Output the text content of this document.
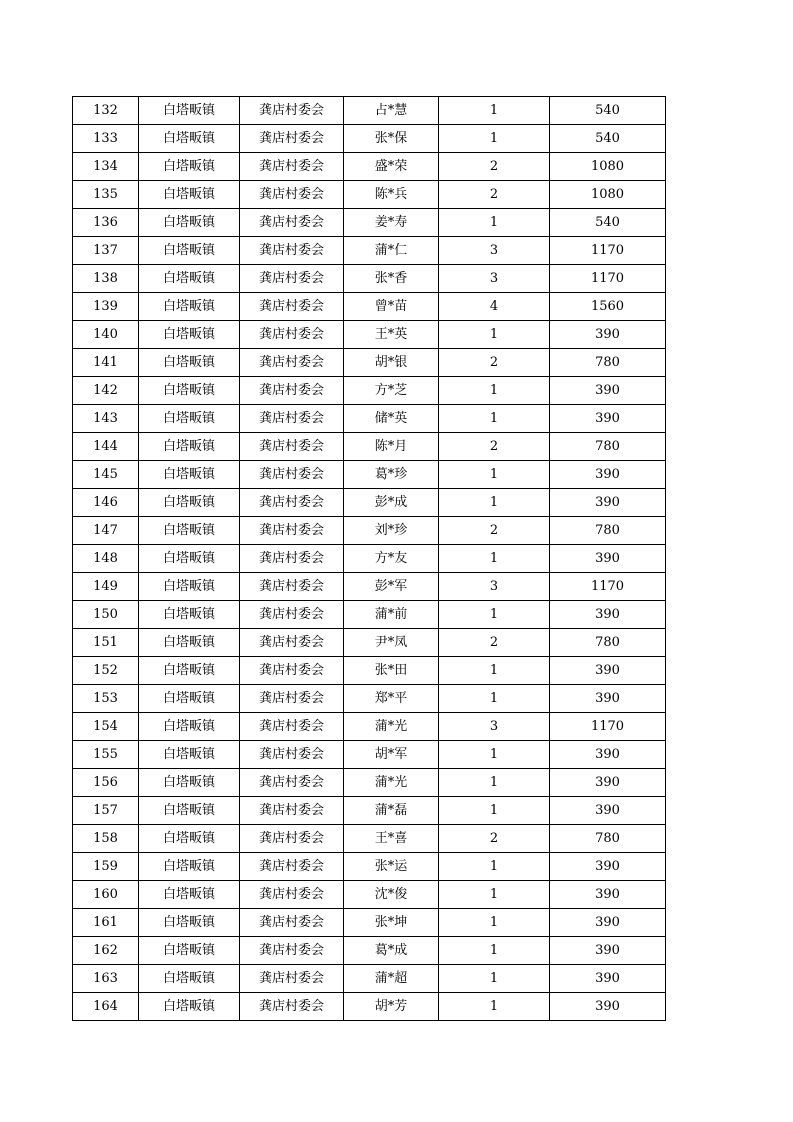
132	白塔畈镇	龚店村委会	占*慧	1	540
133	白塔畈镇	龚店村委会	张*保	1	540
134	白塔畈镇	龚店村委会	盛*荣	2	1080
135	白塔畈镇	龚店村委会	陈*兵	2	1080
136	白塔畈镇	龚店村委会	姜*寿	1	540
137	白塔畈镇	龚店村委会	蒲*仁	3	1170
138	白塔畈镇	龚店村委会	张*香	3	1170
139	白塔畈镇	龚店村委会	曾*苗	4	1560
140	白塔畈镇	龚店村委会	王*英	1	390
141	白塔畈镇	龚店村委会	胡*银	2	780
142	白塔畈镇	龚店村委会	方*芝	1	390
143	白塔畈镇	龚店村委会	储*英	1	390
144	白塔畈镇	龚店村委会	陈*月	2	780
145	白塔畈镇	龚店村委会	葛*珍	1	390
146	白塔畈镇	龚店村委会	彭*成	1	390
147	白塔畈镇	龚店村委会	刘*珍	2	780
148	白塔畈镇	龚店村委会	方*友	1	390
149	白塔畈镇	龚店村委会	彭*军	3	1170
150	白塔畈镇	龚店村委会	蒲*前	1	390
151	白塔畈镇	龚店村委会	尹*凤	2	780
152	白塔畈镇	龚店村委会	张*田	1	390
153	白塔畈镇	龚店村委会	郑*平	1	390
154	白塔畈镇	龚店村委会	蒲*光	3	1170
155	白塔畈镇	龚店村委会	胡*军	1	390
156	白塔畈镇	龚店村委会	蒲*光	1	390
157	白塔畈镇	龚店村委会	蒲*磊	1	390
158	白塔畈镇	龚店村委会	王*喜	2	780
159	白塔畈镇	龚店村委会	张*运	1	390
160	白塔畈镇	龚店村委会	沈*俊	1	390
161	白塔畈镇	龚店村委会	张*坤	1	390
162	白塔畈镇	龚店村委会	葛*成	1	390
163	白塔畈镇	龚店村委会	蒲*超	1	390
164	白塔畈镇	龚店村委会	胡*芳	1	390
